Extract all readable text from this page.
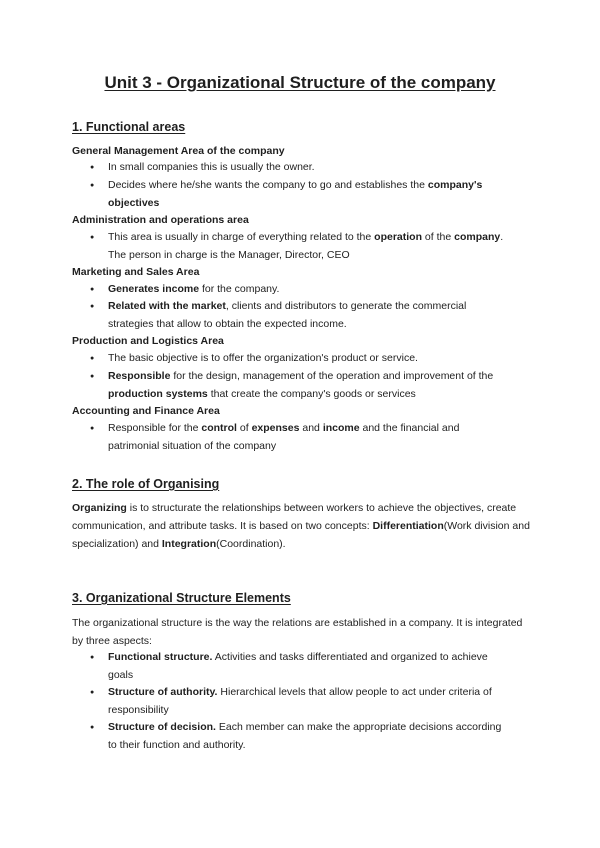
Unit 3 - Organizational Structure of the company
1. Functional areas

General Management Area of the company

● In small companies this is usually the owner.

● Decides where he/she wants the company to go and establishes the company's objectives

Administration and operations area

● This area is usually in charge of everything related to the operation of the company. The person in charge is the Manager, Director, CEO

Marketing and Sales Area

● Generates income for the company.

● Related with the market, clients and distributors to generate the commercial strategies that allow to obtain the expected income.

Production and Logistics Area

● The basic objective is to offer the organization's product or service.

● Responsible for the design, management of the operation and improvement of the production systems that create the company's goods or services

Accounting and Finance Area

● Responsible for the control of expenses and income and the financial and patrimonial situation of the company

2. The role of Organising

Organizing is to structurate the relationships between workers to achieve the objectives, create communication, and attribute tasks. It is based on two concepts: Differentiation(Work division and specialization) and Integration(Coordination).

3. Organizational Structure Elements

The organizational structure is the way the relations are established in a company. It is integrated by three aspects:

● Functional structure. Activities and tasks differentiated and organized to achieve goals

● Structure of authority. Hierarchical levels that allow people to act under criteria of responsibility

● Structure of decision. Each member can make the appropriate decisions according to their function and authority.
